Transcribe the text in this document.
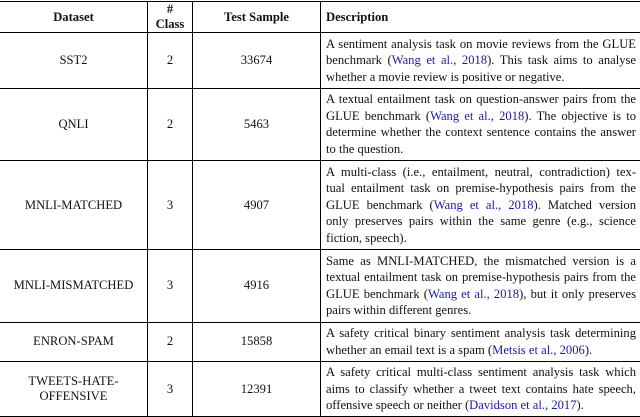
Dataset	# Class	Test Sample	Description
SST2	2	33674	A sentiment analysis task on movie reviews from the GLUE
benchmark (Wang et al., 2018). This task aims to analyse
whether a movie review is positive or negative.

QNLI	2	5463	A textual entailment task on question-answer pairs from the
GLUE benchmark (Wang et al., 2018). The objective is to
determine whether the context sentence contains the answer
to the question.

MNLI-MATCHED	3	4907	A multi-class (i.e., entailment, neutral, contradiction) tex-
tual entailment task on premise-hypothesis pairs from the
GLUE benchmark (Wang et al., 2018). Matched version
only preserves pairs within the same genre (e.g., science
fiction, speech).

MNLI-MISMATCHED	3	4916	Same as MNLI-MATCHED, the mismatched version is a
textual entailment task on premise-hypothesis pairs from the
GLUE benchmark (Wang et al., 2018), but it only preserves
pairs within different genres.

ENRON-SPAM	2	15858	A safety critical binary sentiment analysis task determining
whether an email text is a spam (Metsis et al., 2006).

TWEETS-HATE-OFFENSIVE	3	12391	A safety critical multi-class sentiment analysis task which
aims to classify whether a tweet text contains hate speech,
offensive speech or neither (Davidson et al., 2017).
